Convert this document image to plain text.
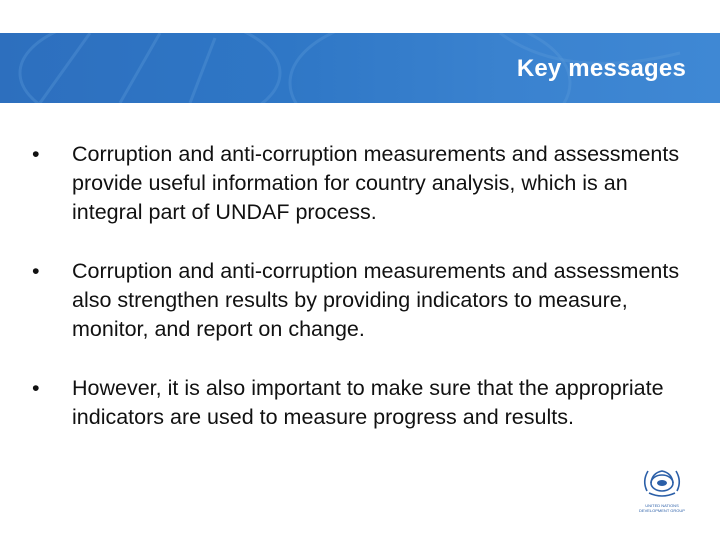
Key messages
• Corruption and anti-corruption measurements and assessments provide useful information for country analysis, which is an integral part of UNDAF process.
• Corruption and anti-corruption measurements and assessments also strengthen results by providing indicators to measure, monitor, and report on change.
• However, it is also important to make sure that the appropriate indicators are used to measure progress and results.
UNITED NATIONS
DEVELOPMENT GROUP
